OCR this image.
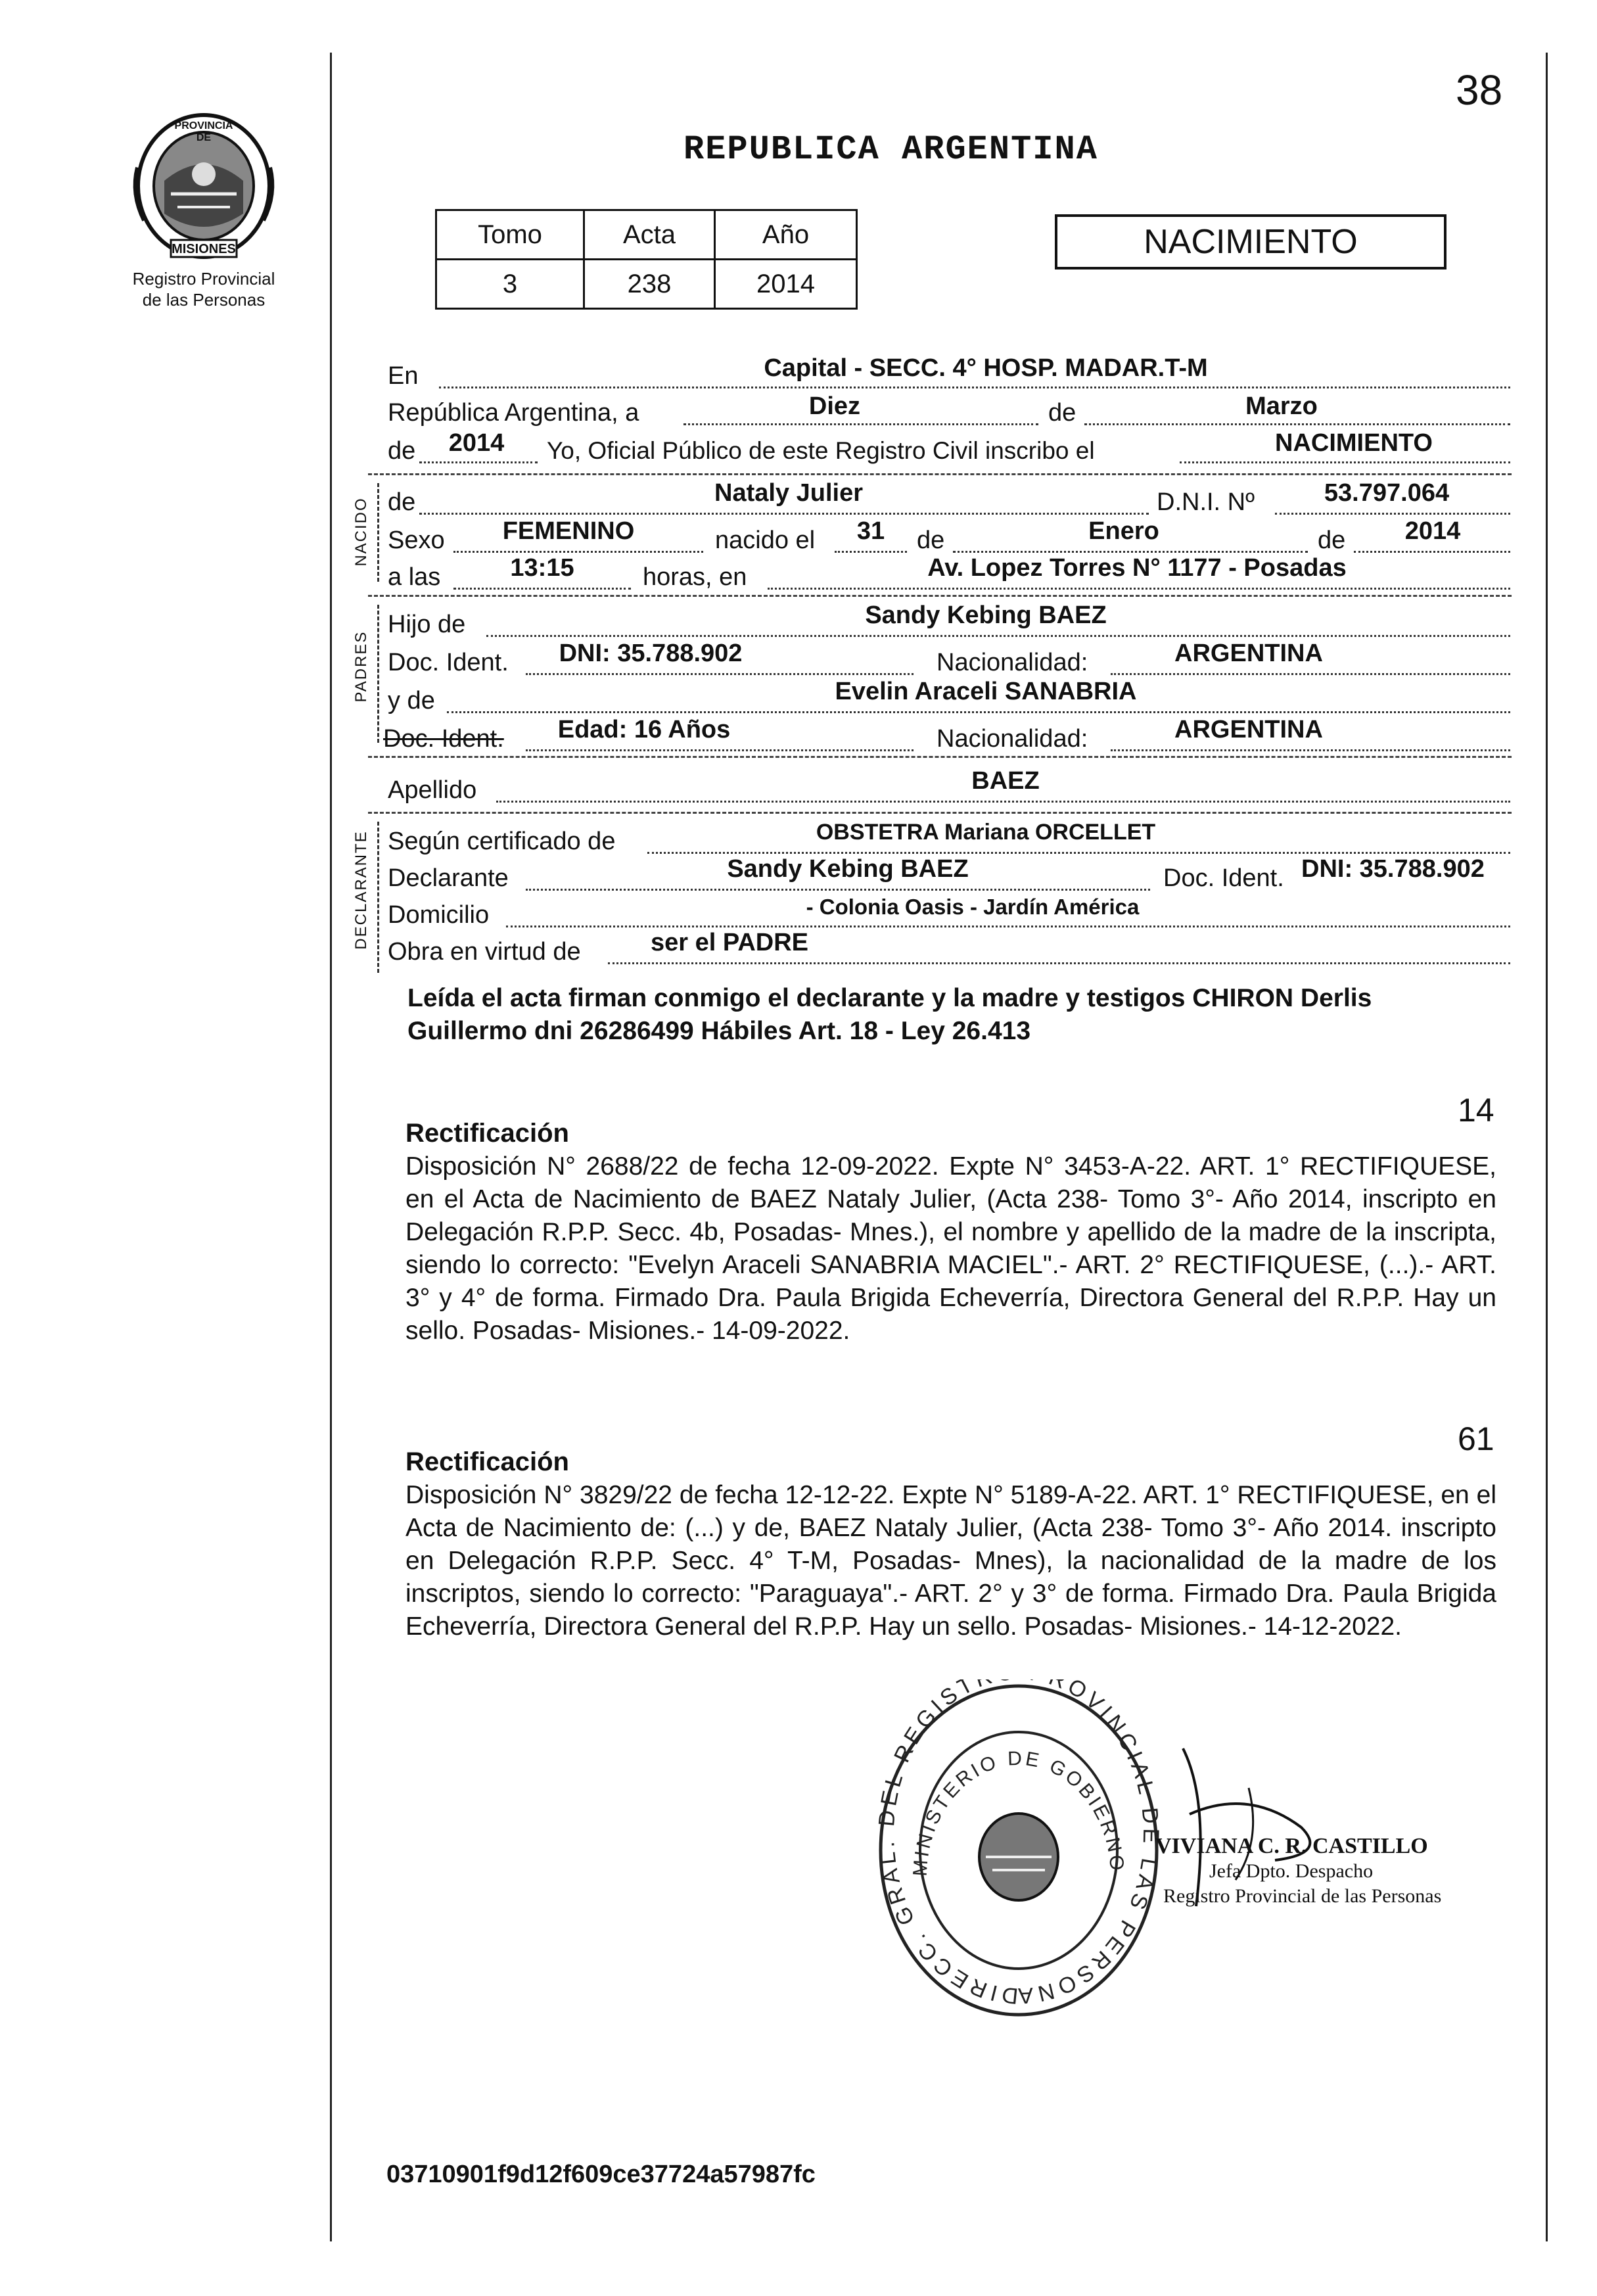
38
PROVINCIA DE
MISIONES
Registro Provincial
de las Personas
REPUBLICA ARGENTINA
Tomo	Acta	Año
3	238	2014
NACIMIENTO
En	Capital - SECC. 4° HOSP. MADAR.T-M
República Argentina, a	Diez	de	Marzo
de	2014	Yo, Oficial Público de este Registro Civil inscribo el	NACIMIENTO
NACIDO de	Nataly Julier	D.N.I. Nº	53.797.064
Sexo	FEMENINO	nacido el	31	de	Enero	de	2014
a las	13:15	horas, en	Av. Lopez Torres N° 1177 - Posadas
PADRES
Hijo de	Sandy Kebing BAEZ
Doc. Ident.	DNI: 35.788.902	Nacionalidad:	ARGENTINA
y de	Evelin Araceli SANABRIA
Doc. Ident.	Edad: 16 Años	Nacionalidad:	ARGENTINA
Apellido	BAEZ
DECLARANTE Según certificado de	OBSTETRA Mariana ORCELLET
Declarante	Sandy Kebing BAEZ	Doc. Ident. DNI: 35.788.902
Domicilio	- Colonia Oasis - Jardín América
Obra en virtud de	ser el PADRE
Leída el acta firman conmigo el declarante y la madre y testigos CHIRON Derlis Guillermo dni 26286499 Hábiles Art. 18 - Ley 26.413
14
Rectificación
Disposición N° 2688/22 de fecha 12-09-2022. Expte N° 3453-A-22. ART. 1° RECTIFIQUESE, en el Acta de Nacimiento de BAEZ Nataly Julier, (Acta 238- Tomo 3°- Año 2014, inscripto en Delegación R.P.P. Secc. 4b, Posadas- Mnes.), el nombre y apellido de la madre de la inscripta, siendo lo correcto: "Evelyn Araceli SANABRIA MACIEL".- ART. 2° RECTIFIQUESE, (...).- ART. 3° y 4° de forma. Firmado Dra. Paula Brigida Echeverría, Directora General del R.P.P. Hay un sello. Posadas- Misiones.- 14-09-2022.
61
Rectificación
Disposición N° 3829/22 de fecha 12-12-22. Expte N° 5189-A-22. ART. 1° RECTIFIQUESE, en el Acta de Nacimiento de: (...) y de, BAEZ Nataly Julier, (Acta 238- Tomo 3°- Año 2014. inscripto en Delegación R.P.P. Secc. 4° T-M, Posadas- Mnes), la nacionalidad de la madre de los inscriptos, siendo lo correcto: "Paraguaya".- ART. 2° y 3° de forma. Firmado Dra. Paula Brigida Echeverría, Directora General del R.P.P. Hay un sello. Posadas- Misiones.- 14-12-2022.
DIRECC. GRAL. DEL REGIST ROVINCIAL DE LAS PERSONA
MINISTERIO DE GOBIERNO
VIVIANA C. R. CASTILLO
Jefa Dpto. Despacho
Registro Provincial de las Personas
03710901f9d12f609ce37724a57987fc
